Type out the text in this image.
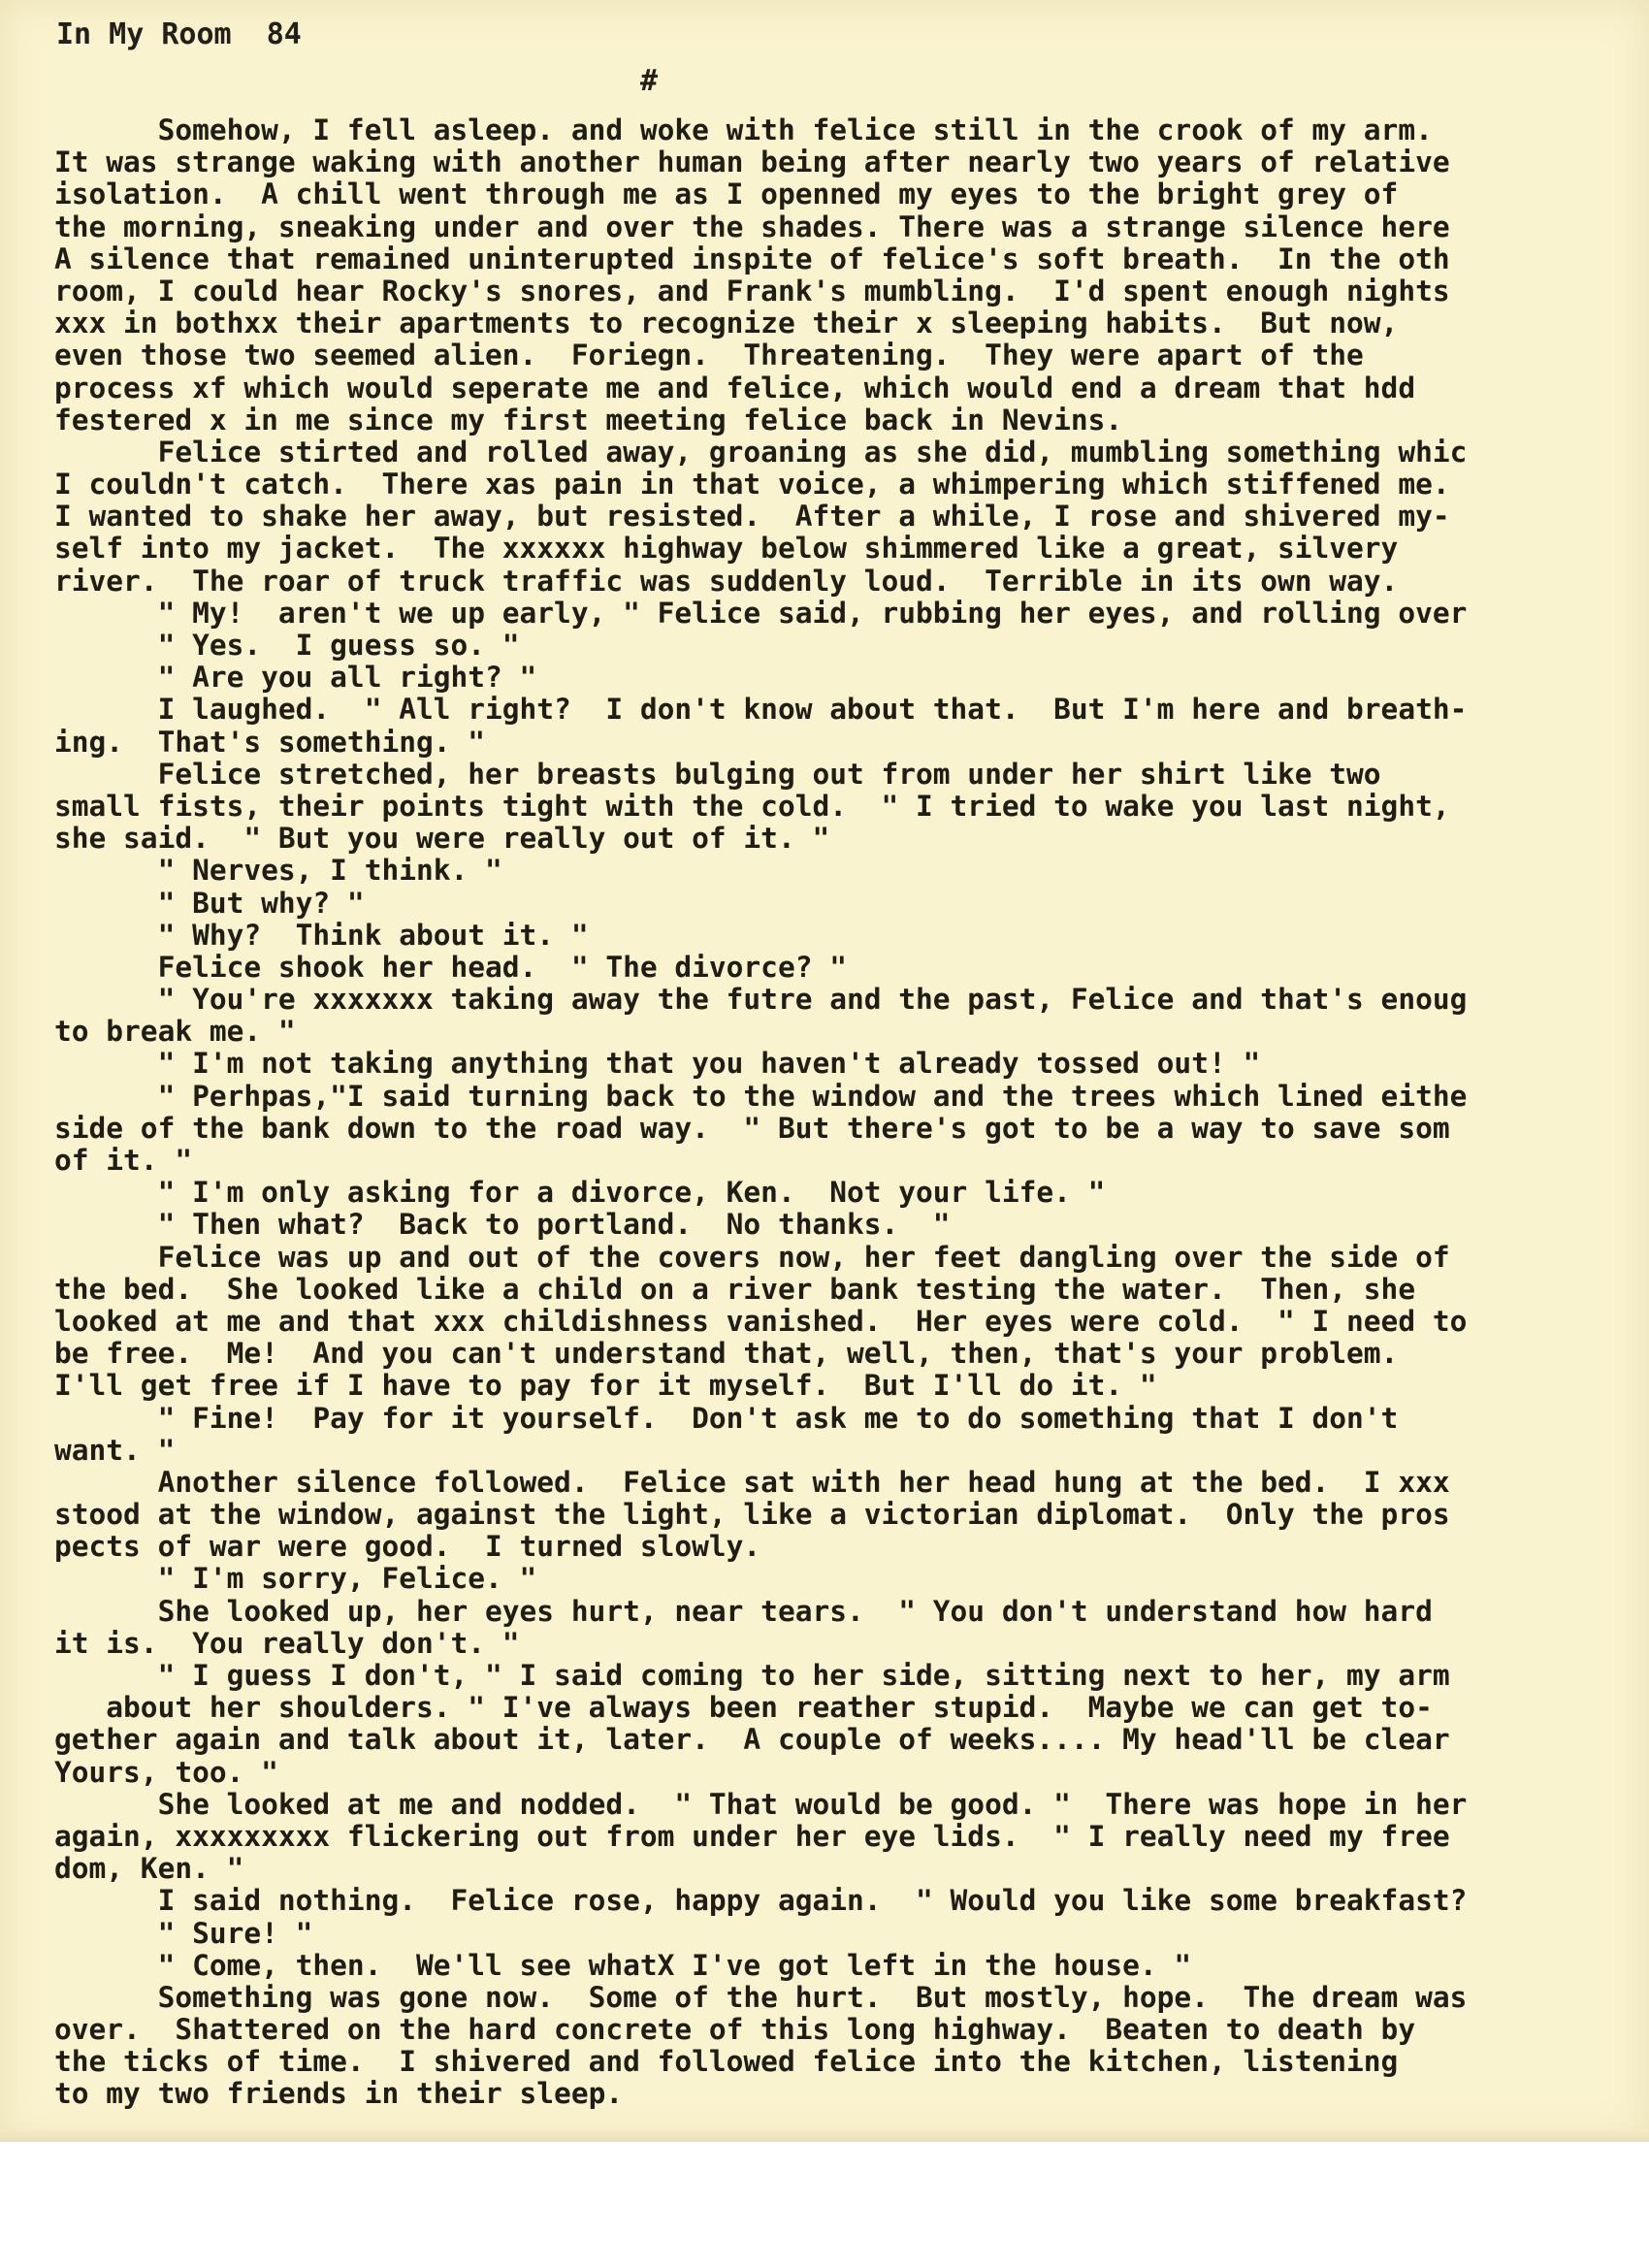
In My Room 84
#
Somehow, I fell asleep. and woke with felice still in the crook of my arm.
It was strange waking with another human being after nearly two years of relative
isolation.  A chill went through me as I openned my eyes to the bright grey of
the morning, sneaking under and over the shades. There was a strange silence here
A silence that remained uninterupted inspite of felice's soft breath.  In the oth
room, I could hear Rocky's snores, and Frank's mumbling.  I'd spent enough nights
xxx in bothxx their apartments to recognize their x sleeping habits.  But now,
even those two seemed alien.  Foriegn.  Threatening.  They were apart of the
process xf which would seperate me and felice, which would end a dream that hdd
festered x in me since my first meeting felice back in Nevins.
Felice stirted and rolled away, groaning as she did, mumbling something whic
I couldn't catch.  There xas pain in that voice, a whimpering which stiffened me.
I wanted to shake her away, but resisted.  After a while, I rose and shivered my-
self into my jacket.  The xxxxxx highway below shimmered like a great, silvery
river.  The roar of truck traffic was suddenly loud.  Terrible in its own way.
" My!  aren't we up early, " Felice said, rubbing her eyes, and rolling over
" Yes.  I guess so. "
" Are you all right? "
I laughed.  " All right?  I don't know about that.  But I'm here and breath-
ing.  That's something. "
Felice stretched, her breasts bulging out from under her shirt like two
small fists, their points tight with the cold.  " I tried to wake you last night,
she said.  " But you were really out of it. "
" Nerves, I think. "
" But why? "
" Why?  Think about it. "
Felice shook her head.  " The divorce? "
" You're xxxxxxx taking away the futre and the past, Felice and that's enoug
to break me. "
" I'm not taking anything that you haven't already tossed out! "
" Perhpas,"I said turning back to the window and the trees which lined eithe
side of the bank down to the road way.  " But there's got to be a way to save som
of it. "
" I'm only asking for a divorce, Ken.  Not your life. "
" Then what?  Back to portland.  No thanks.  "
Felice was up and out of the covers now, her feet dangling over the side of
the bed.  She looked like a child on a river bank testing the water.  Then, she
looked at me and that xxx childishness vanished.  Her eyes were cold.  " I need to
be free.  Me!  And you can't understand that, well, then, that's your problem.
I'll get free if I have to pay for it myself.  But I'll do it. "
" Fine!  Pay for it yourself.  Don't ask me to do something that I don't
want. "
Another silence followed.  Felice sat with her head hung at the bed.  I xxx
stood at the window, against the light, like a victorian diplomat.  Only the pros
pects of war were good.  I turned slowly.
" I'm sorry, Felice. "
She looked up, her eyes hurt, near tears.  " You don't understand how hard
it is.  You really don't. "
" I guess I don't, " I said coming to her side, sitting next to her, my arm
about her shoulders. " I've always been reather stupid.  Maybe we can get to-
gether again and talk about it, later.  A couple of weeks.... My head'll be clear
Yours, too. "
She looked at me and nodded.  " That would be good. "  There was hope in her
again, xxxxxxxxx flickering out from under her eye lids.  " I really need my free
dom, Ken. "
I said nothing.  Felice rose, happy again.  " Would you like some breakfast?
" Sure! "
" Come, then.  We'll see whatX I've got left in the house. "
Something was gone now.  Some of the hurt.  But mostly, hope.  The dream was
over.  Shattered on the hard concrete of this long highway.  Beaten to death by
the ticks of time.  I shivered and followed felice into the kitchen, listening
to my two friends in their sleep.
